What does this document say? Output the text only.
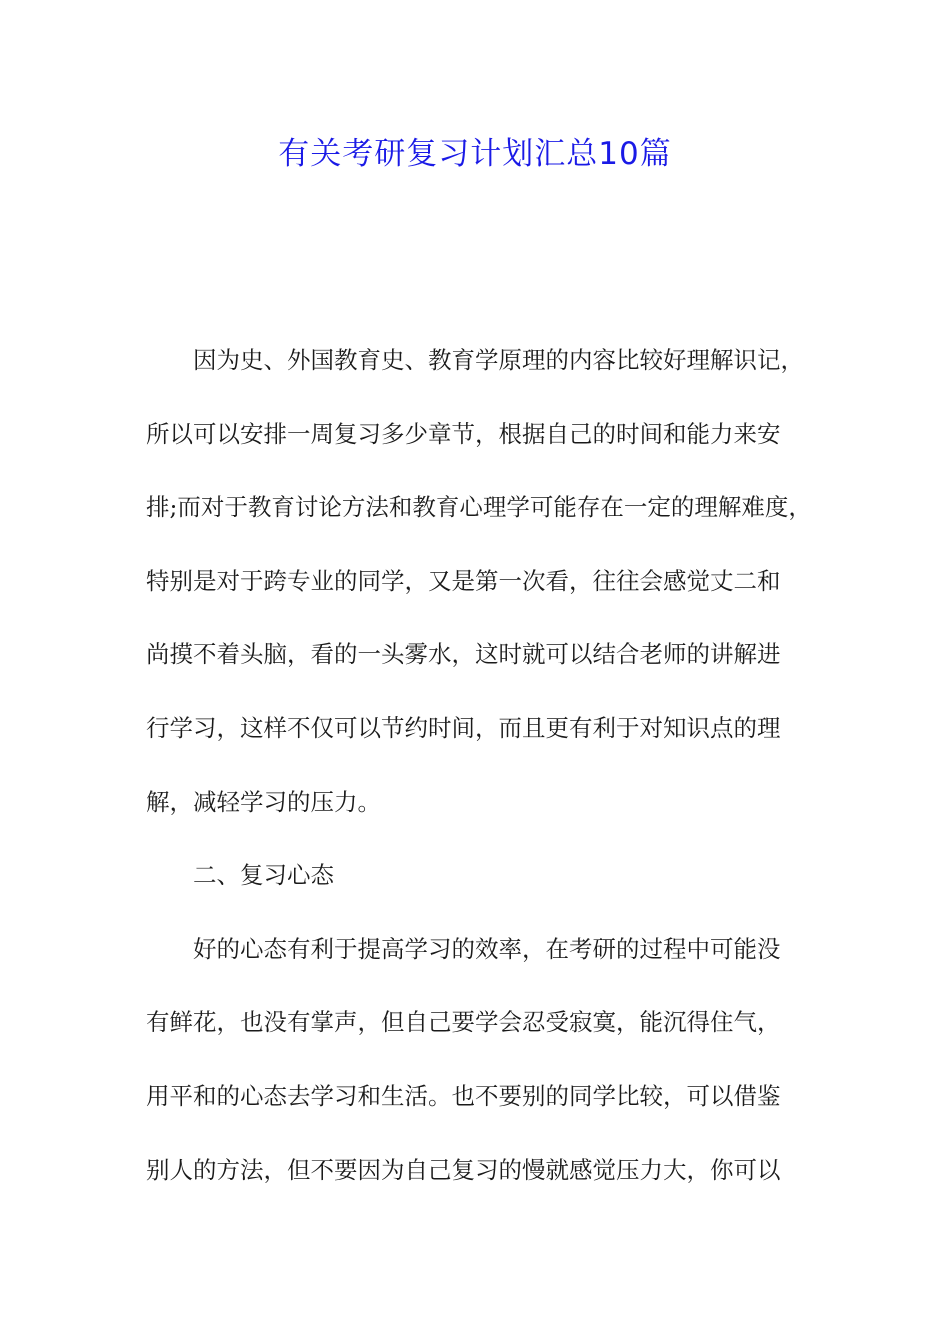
有关考研复习计划汇总10篇
因为史、外国教育史、教育学原理的内容比较好理解识记，
所以可以安排一周复习多少章节，根据自己的时间和能力来安
排;而对于教育讨论方法和教育心理学可能存在一定的理解难度，
特别是对于跨专业的同学，又是第一次看，往往会感觉丈二和
尚摸不着头脑，看的一头雾水，这时就可以结合老师的讲解进
行学习，这样不仅可以节约时间，而且更有利于对知识点的理
解，减轻学习的压力。
二、复习心态
好的心态有利于提高学习的效率，在考研的过程中可能没
有鲜花，也没有掌声，但自己要学会忍受寂寞，能沉得住气，
用平和的心态去学习和生活。也不要别的同学比较，可以借鉴
别人的方法，但不要因为自己复习的慢就感觉压力大，你可以
